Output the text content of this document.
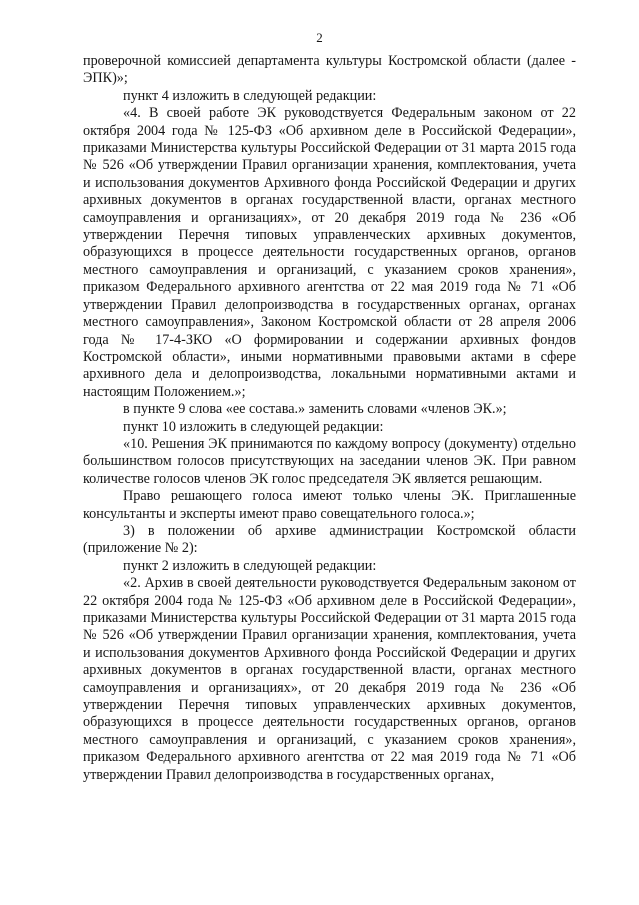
2

проверочной комиссией департамента культуры Костромской области (далее - ЭПК)»;

пункт 4 изложить в следующей редакции:

«4. В своей работе ЭК руководствуется Федеральным законом от 22 октября 2004 года № 125-ФЗ «Об архивном деле в Российской Федерации», приказами Министерства культуры Российской Федерации от 31 марта 2015 года № 526 «Об утверждении Правил организации хранения, комплектования, учета и использования документов Архивного фонда Российской Федерации и других архивных документов в органах государственной власти, органах местного самоуправления и организациях», от 20 декабря 2019 года № 236 «Об утверждении Перечня типовых управленческих архивных документов, образующихся в процессе деятельности государственных органов, органов местного самоуправления и организаций, с указанием сроков хранения», приказом Федерального архивного агентства от 22 мая 2019 года № 71 «Об утверждении Правил делопроизводства в государственных органах, органах местного самоуправления», Законом Костромской области от 28 апреля 2006 года № 17-4-ЗКО «О формировании и содержании архивных фондов Костромской области», иными нормативными правовыми актами в сфере архивного дела и делопроизводства, локальными нормативными актами и настоящим Положением.»;

в пункте 9 слова «ее состава.» заменить словами «членов ЭК.»;

пункт 10 изложить в следующей редакции:

«10. Решения ЭК принимаются по каждому вопросу (документу) отдельно большинством голосов присутствующих на заседании членов ЭК. При равном количестве голосов членов ЭК голос председателя ЭК является решающим.

Право решающего голоса имеют только члены ЭК. Приглашенные консультанты и эксперты имеют право совещательного голоса.»;

3) в положении об архиве администрации Костромской области (приложение № 2):

пункт 2 изложить в следующей редакции:

«2. Архив в своей деятельности руководствуется Федеральным законом от 22 октября 2004 года № 125-ФЗ «Об архивном деле в Российской Федерации», приказами Министерства культуры Российской Федерации от 31 марта 2015 года № 526 «Об утверждении Правил организации хранения, комплектования, учета и использования документов Архивного фонда Российской Федерации и других архивных документов в органах государственной власти, органах местного самоуправления и организациях», от 20 декабря 2019 года № 236 «Об утверждении Перечня типовых управленческих архивных документов, образующихся в процессе деятельности государственных органов, органов местного самоуправления и организаций, с указанием сроков хранения», приказом Федерального архивного агентства от 22 мая 2019 года № 71 «Об утверждении Правил делопроизводства в государственных органах,
